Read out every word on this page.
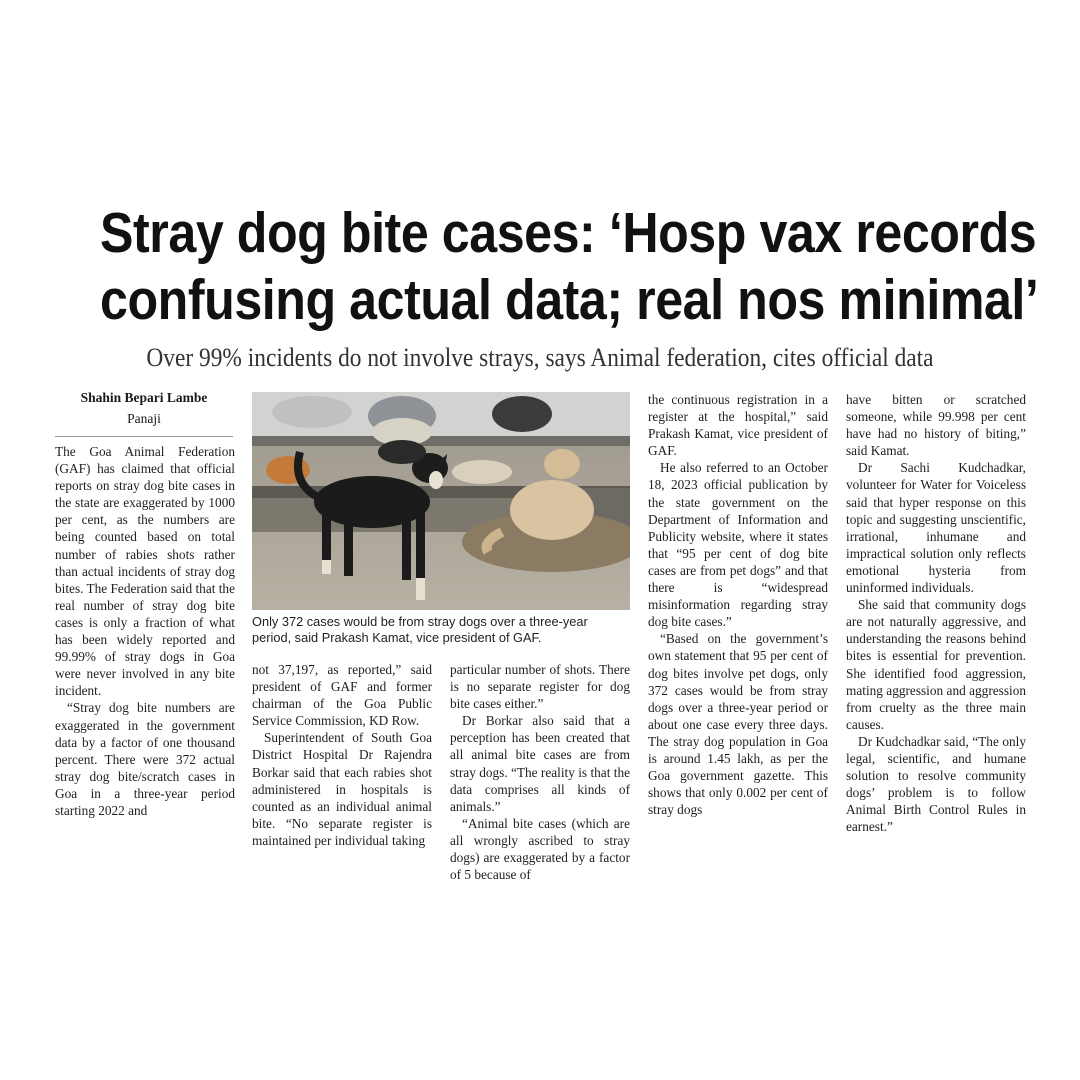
Stray dog bite cases: ‘Hosp vax records
confusing actual data; real nos minimal’

Over 99% incidents do not involve strays, says Animal federation, cites official data

Shahin Bepari Lambe
Panaji

The Goa Animal Federation (GAF) has claimed that official reports on stray dog bite cases in the state are exaggerated by 1000 per cent, as the numbers are being counted based on total number of rabies shots rather than actual incidents of stray dog bites. The Federation said that the real number of stray dog bite cases is only a fraction of what has been widely reported and 99.99% of stray dogs in Goa were never involved in any bite incident.

“Stray dog bite numbers are exaggerated in the government data by a factor of one thousand percent. There were 372 actual stray dog bite/scratch cases in Goa in a three-year period starting 2022 and

Only 372 cases would be from stray dogs over a three-year period, said Prakash Kamat, vice president of GAF.

not 37,197, as reported,” said president of GAF and former chairman of the Goa Public Service Commission, KD Row.

Superintendent of South Goa District Hospital Dr Rajendra Borkar said that each rabies shot administered in hospitals is counted as an individual animal bite. “No separate register is maintained per individual taking

particular number of shots. There is no separate register for dog bite cases either.”

Dr Borkar also said that a perception has been created that all animal bite cases are from stray dogs. “The reality is that the data comprises all kinds of animals.”

“Animal bite cases (which are all wrongly ascribed to stray dogs) are exaggerated by a factor of 5 because of

the continuous registration in a register at the hospital,” said Prakash Kamat, vice president of GAF.

He also referred to an October 18, 2023 official publication by the state government on the Department of Information and Publicity website, where it states that “95 per cent of dog bite cases are from pet dogs” and that there is “widespread misinformation regarding stray dog bite cases.”

“Based on the government’s own statement that 95 per cent of dog bites involve pet dogs, only 372 cases would be from stray dogs over a three-year period or about one case every three days. The stray dog population in Goa is around 1.45 lakh, as per the Goa government gazette. This shows that only 0.002 per cent of stray dogs

have bitten or scratched someone, while 99.998 per cent have had no history of biting,” said Kamat.

Dr Sachi Kudchadkar, volunteer for Water for Voiceless said that hyper response on this topic and suggesting unscientific, irrational, inhumane and impractical solution only reflects emotional hysteria from uninformed individuals.

She said that community dogs are not naturally aggressive, and understanding the reasons behind bites is essential for prevention. She identified food aggression, mating aggression and aggression from cruelty as the three main causes.

Dr Kudchadkar said, “The only legal, scientific, and humane solution to resolve community dogs’ problem is to follow Animal Birth Control Rules in earnest.”
